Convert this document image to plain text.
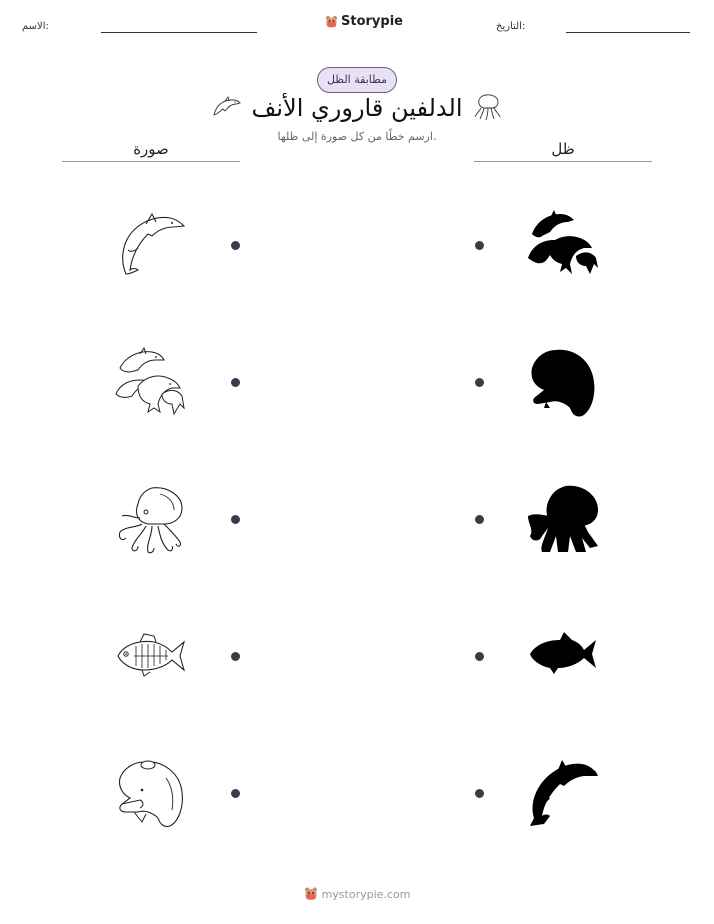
الاسم:	Storypie	التاريخ:
مطابقة الظل
الدلفين قاروري الأنف
ارسم خطًا من كل صورة إلى ظلها.
صورة	ظل
mystorypie.com
